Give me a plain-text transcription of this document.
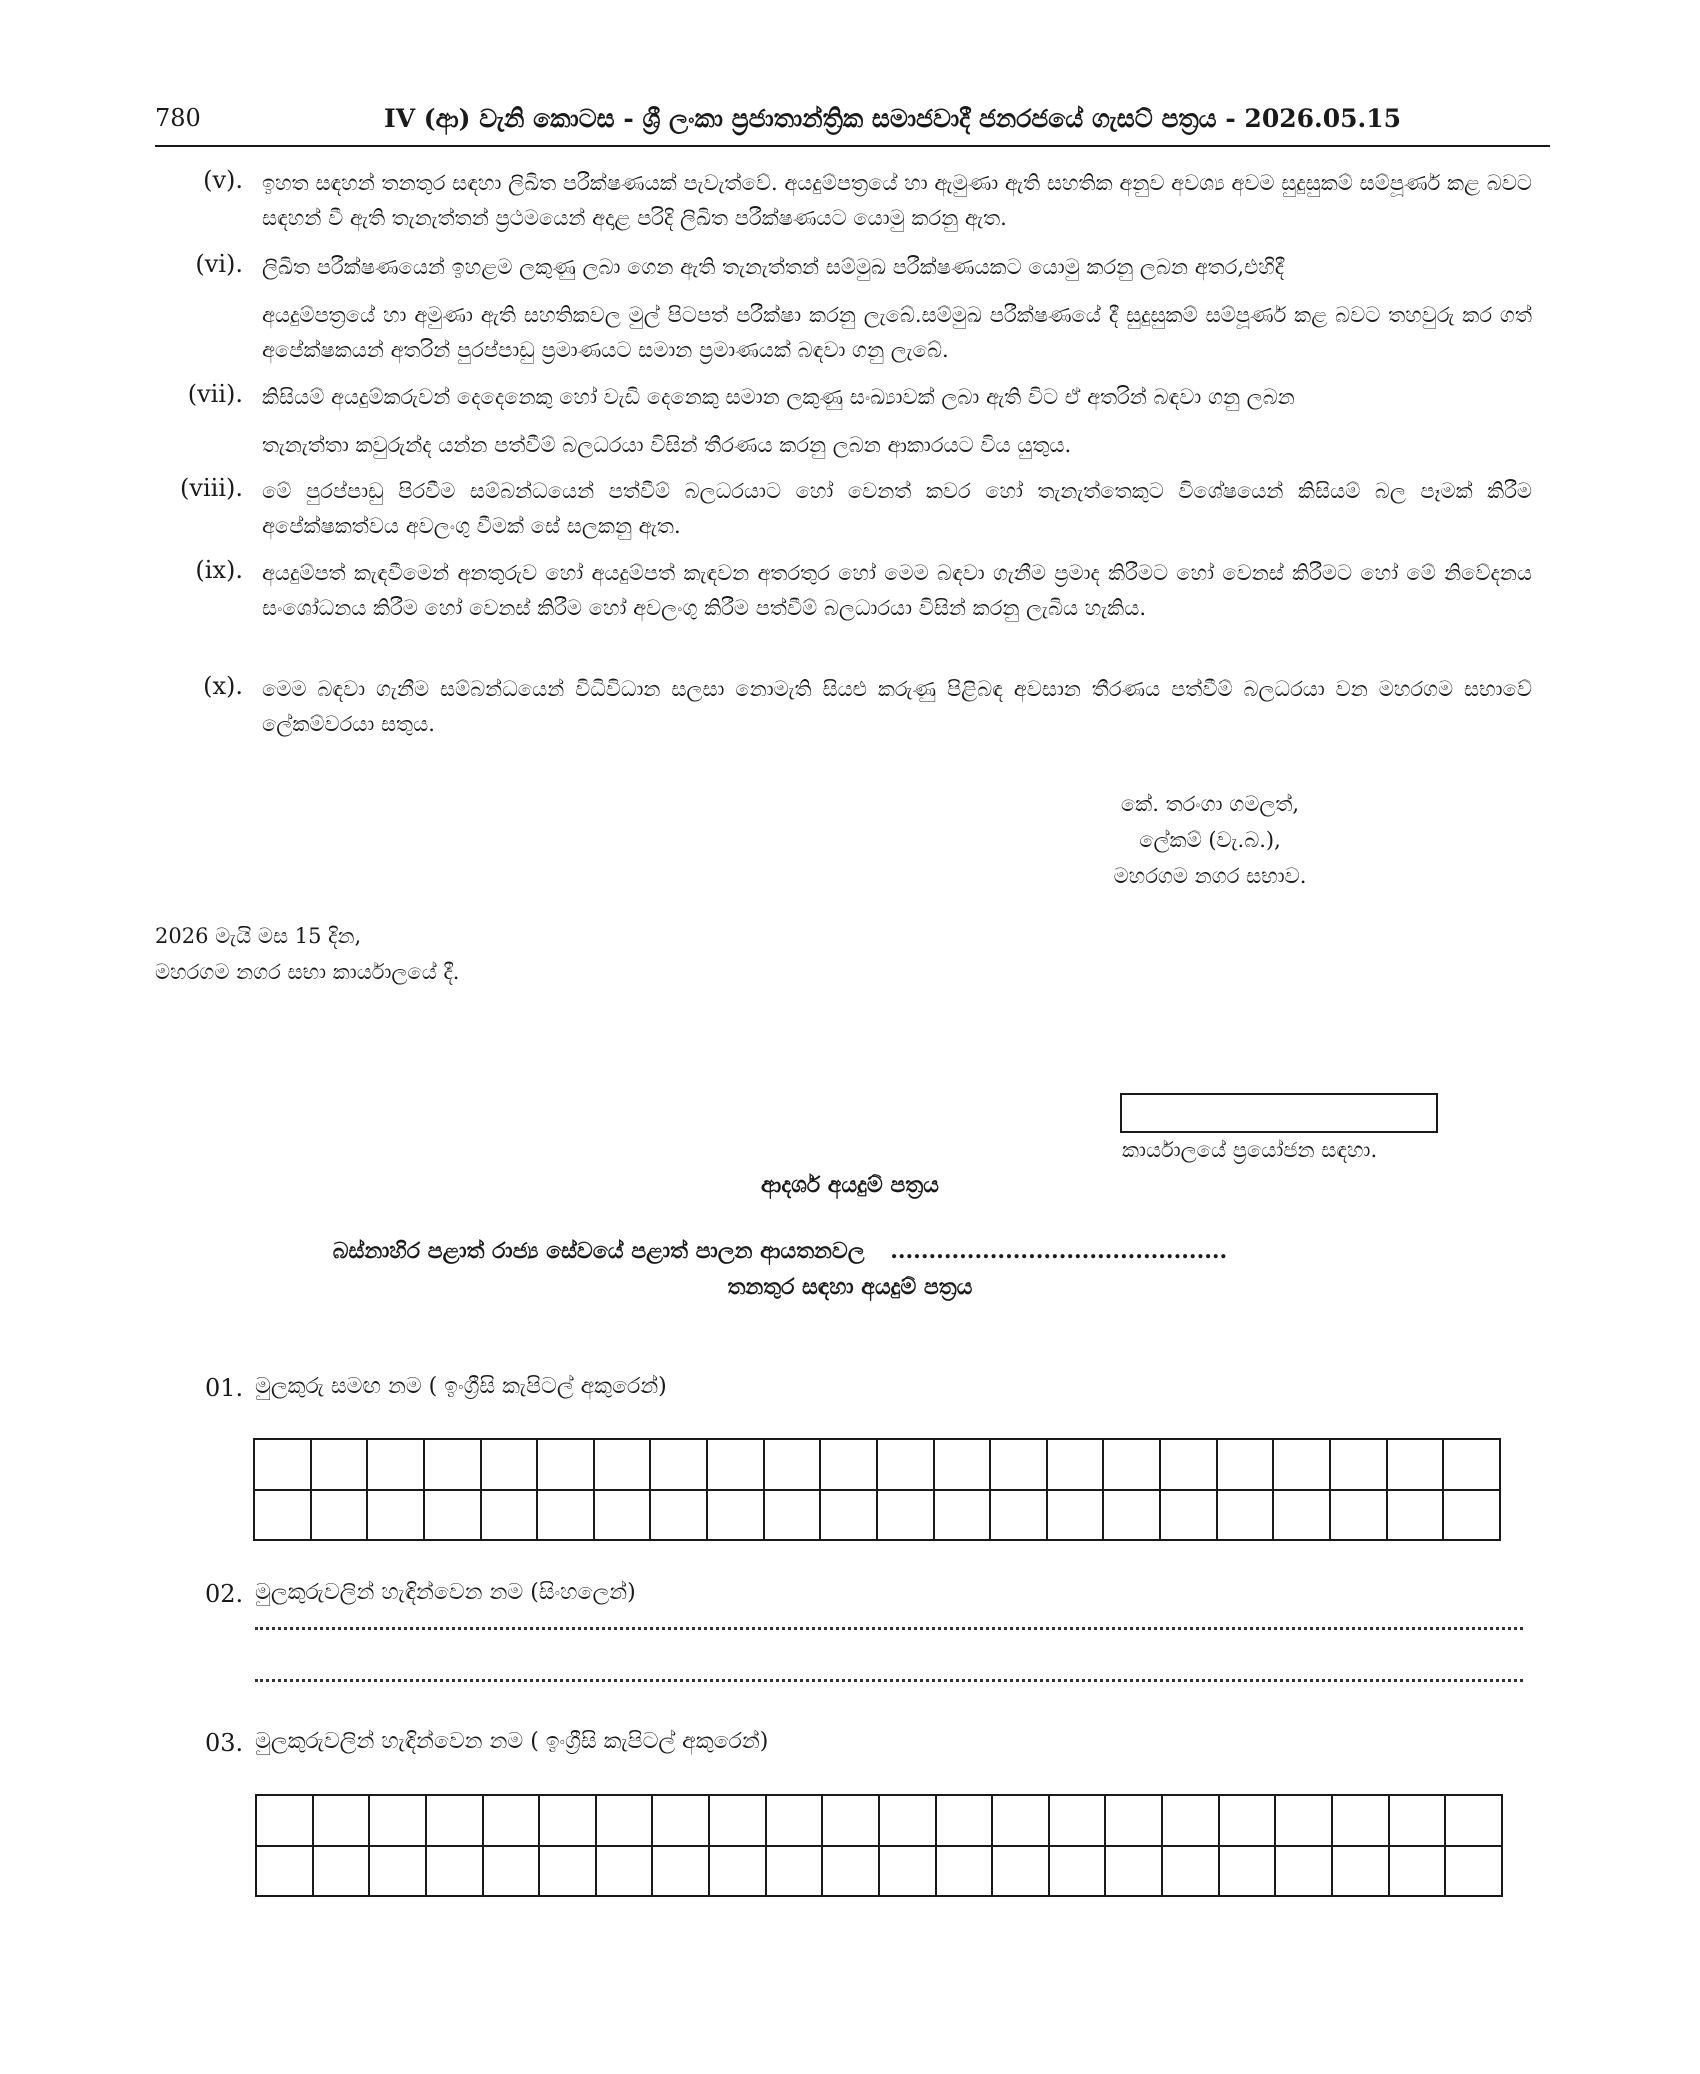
780	IV (ආ) වැනි කොටස - ශ්‍රී ලංකා ප්‍රජාතාන්ත්‍රික සමාජවාදී ජනරජයේ ගැසට් පත්‍රය - 2026.05.15
(v). ඉහත සඳහන් තනතුර සඳහා ලිඛිත පරීක්ෂණයක් පැවැත්වේ. අයදුම්පත්‍රයේ හා ඇමුණා ඇති සහතික අනුව අවශ්‍ය අවම සුදුසුකම් සම්පූර්ණ කළ බවට සඳහන් වී ඇති තැනැත්තන් ප්‍රථමයෙන් අදාළ පරිදි ලිඛිත පරීක්ෂණයට යොමු කරනු ඇත.
(vi). ලිඛිත පරීක්ෂණයෙන් ඉහළම ලකුණු ලබා ගෙන ඇති තැනැත්තන් සම්මුඛ පරීක්ෂණයකට යොමු කරනු ලබන අතර,එහිදී
අයදුම්පත්‍රයේ හා අමුණා ඇති සහතිකවල මුල් පිටපත් පරීක්ෂා කරනු ලැබේ.සම්මුඛ පරීක්ෂණයේ දී සුදුසුකම් සම්පූර්ණ කළ බවට තහවුරු කර ගත් අපේක්ෂකයන් අතරින් පුරප්පාඩු ප්‍රමාණයට සමාන ප්‍රමාණයක් බඳවා ගනු ලැබේ.
(vii). කිසියම් අයදුම්කරුවන් දෙදෙනෙකු හෝ වැඩි දෙනෙකු සමාන ලකුණු සංඛ්‍යාවක් ලබා ඇති විට ඒ අතරින් බඳවා ගනු ලබන
තැනැත්තා කවුරුන්ද යන්න පත්වීම් බලධරයා විසින් තීරණය කරනු ලබන ආකාරයට විය යුතුය.
(viii). මේ පුරප්පාඩු පිරවීම සම්බන්ධයෙන් පත්වීම් බලධරයාට හෝ වෙනත් කවර හෝ තැනැත්තෙකුට විශේෂයෙන් කිසියම් බල පෑමක් කිරීම අපේක්ෂකත්වය අවලංගු වීමක් සේ සලකනු ඇත.
(ix). අයදුම්පත් කැඳවීමෙන් අනතුරුව හෝ අයදුම්පත් කැඳවන අතරතුර හෝ මෙම බඳවා ගැනීම ප්‍රමාද කිරීමට හෝ වෙනස් කිරීමට හෝ මේ නිවේදනය සංශෝධනය කිරීම හෝ වෙනස් කිරීම හෝ අවලංගු කිරීම පත්වීම් බලධාරයා විසින් කරනු ලැබිය හැකිය.
(x). මෙම බඳවා ගැනීම සම්බන්ධයෙන් විධිවිධාන සලසා නොමැති සියළු කරුණු පිළිබඳ අවසාන තීරණය පත්වීම් බලධරයා වන මහරගම සභාවේ ලේකම්වරයා සතුය.
කේ. තරංගා ගමලත්,
ලේකම් (වැ.බ.),
මහරගම නගර සභාව.
2026 මැයි මස 15 දින,
මහරගම නගර සභා කාර්යාලයේ දී.
කාර්යාලයේ ප්‍රයෝජන සඳහා.
ආදර්ශ අයදුම් පත්‍රය
බස්නාහිර පළාත් රාජ්‍ය සේවයේ පළාත් පාලන ආයතනවල ............................................
තනතුර සඳහා අයදුම් පත්‍රය
01. මුලකුරු සමඟ නම ( ඉංග්‍රීසි කැපිටල් අකුරෙන්)

02. මුලකුරුවලින් හැඳින්වෙන නම (සිංහලෙන්)
03. මුලකුරුවලින් හැඳින්වෙන නම ( ඉංග්‍රීසි කැපිටල් අකුරෙන්)
